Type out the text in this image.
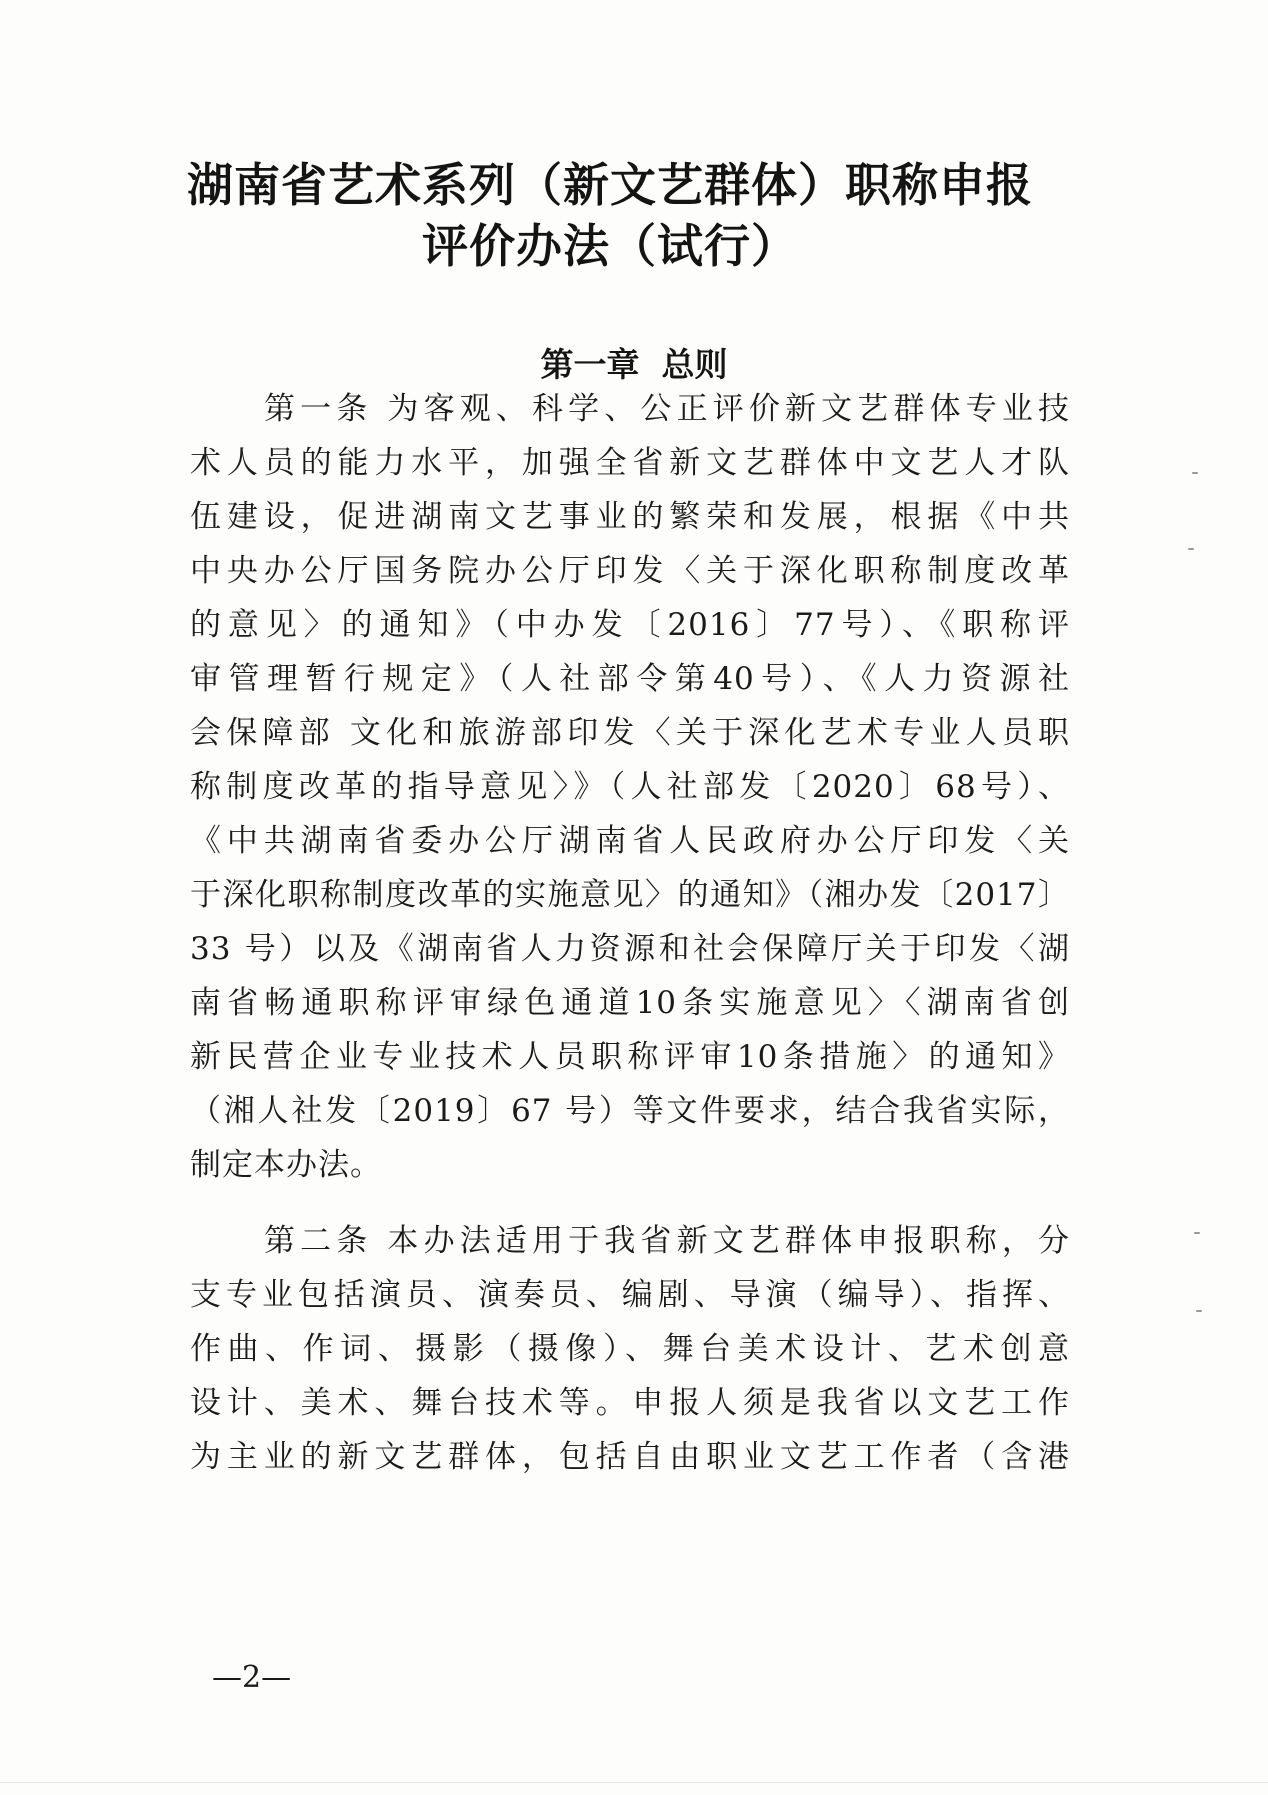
湖南省艺术系列（新文艺群体）职称申报
评价办法（试行）
第一章 总则
第一条 为客观、科学、公正评价新文艺群体专业技
术人员的能力水平，加强全省新文艺群体中文艺人才队
伍建设，促进湖南文艺事业的繁荣和发展，根据《中共
中央办公厅国务院办公厅印发〈关于深化职称制度改革
的意见〉的通知》（中办发〔2016〕77号）、《职称评
审管理暂行规定》（人社部令第40号）、《人力资源社
会保障部 文化和旅游部印发〈关于深化艺术专业人员职
称制度改革的指导意见〉》（人社部发〔2020〕68号）、
《中共湖南省委办公厅湖南省人民政府办公厅印发〈关
于深化职称制度改革的实施意见〉的通知》（湘办发〔2017〕
33 号）以及《湖南省人力资源和社会保障厅关于印发〈湖
南省畅通职称评审绿色通道10条实施意见〉〈湖南省创
新民营企业专业技术人员职称评审10条措施〉的通知》
（湘人社发〔2019〕67 号）等文件要求，结合我省实际，
制定本办法。
第二条 本办法适用于我省新文艺群体申报职称，分
支专业包括演员、演奏员、编剧、导演（编导）、指挥、
作曲、作词、摄影（摄像）、舞台美术设计、艺术创意
设计、美术、舞台技术等。申报人须是我省以文艺工作
为主业的新文艺群体，包括自由职业文艺工作者（含港
—2—
